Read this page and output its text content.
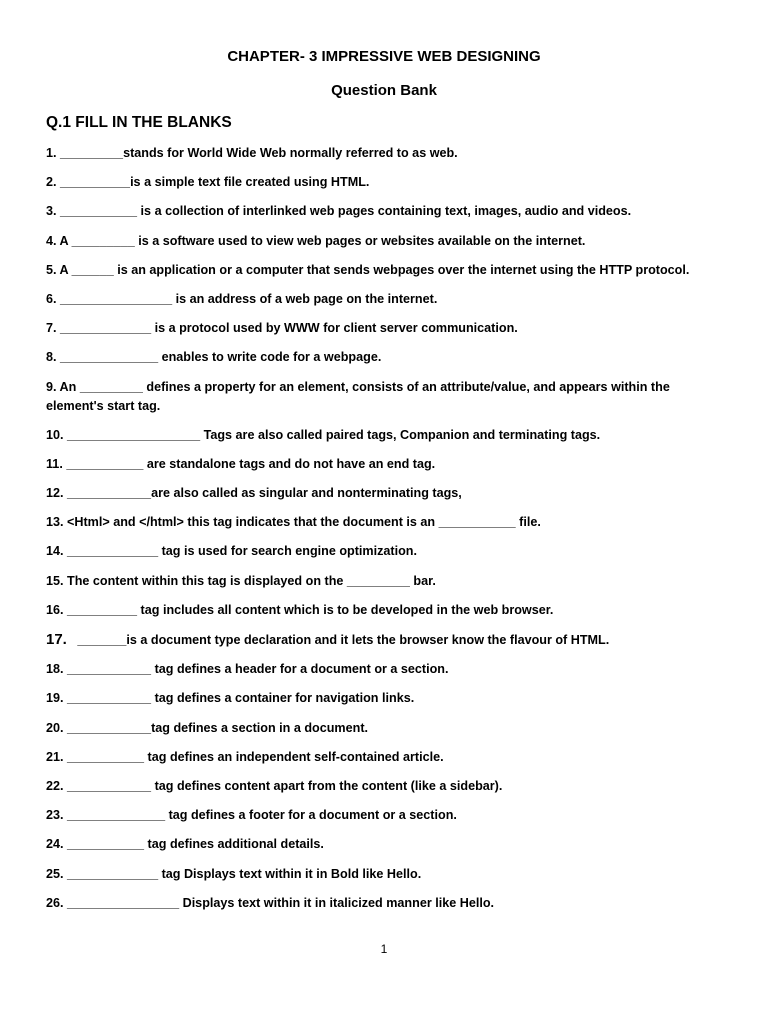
CHAPTER- 3 IMPRESSIVE WEB DESIGNING
Question Bank
Q.1 FILL IN THE BLANKS
1. _________stands for World Wide Web normally referred to as web.
2. __________is a simple text file created using HTML.
3. ___________ is a collection of interlinked web pages containing text, images, audio and videos.
4. A _________ is a software used to view web pages or websites available on the internet.
5. A ______ is an application or a computer that sends webpages over the internet using the HTTP protocol.
6. ________________ is an address of a web page on the internet.
7. _____________ is a protocol used by WWW for client server communication.
8. ______________ enables to write code for a webpage.
9. An _________ defines a property for an element, consists of an attribute/value, and appears within the element's start tag.
10. ___________________ Tags are also called paired tags, Companion and terminating tags.
11. ___________ are standalone tags and do not have an end tag.
12. ____________are also called as singular and nonterminating tags,
13. <Html> and </html> this tag indicates that the document is an ___________ file.
14. _____________ tag is used for search engine optimization.
15. The content within this tag is displayed on the _________ bar.
16. __________ tag includes all content which is to be developed in the web browser.
17. _______is a document type declaration and it lets the browser know the flavour of HTML.
18. ____________ tag defines a header for a document or a section.
19. ____________ tag defines a container for navigation links.
20. ____________tag defines a section in a document.
21. ___________ tag defines an independent self-contained article.
22. ____________ tag defines content apart from the content (like a sidebar).
23. ______________ tag defines a footer for a document or a section.
24. ___________ tag defines additional details.
25. _____________ tag Displays text within it in Bold like Hello.
26. ________________ Displays text within it in italicized manner like Hello.
1
